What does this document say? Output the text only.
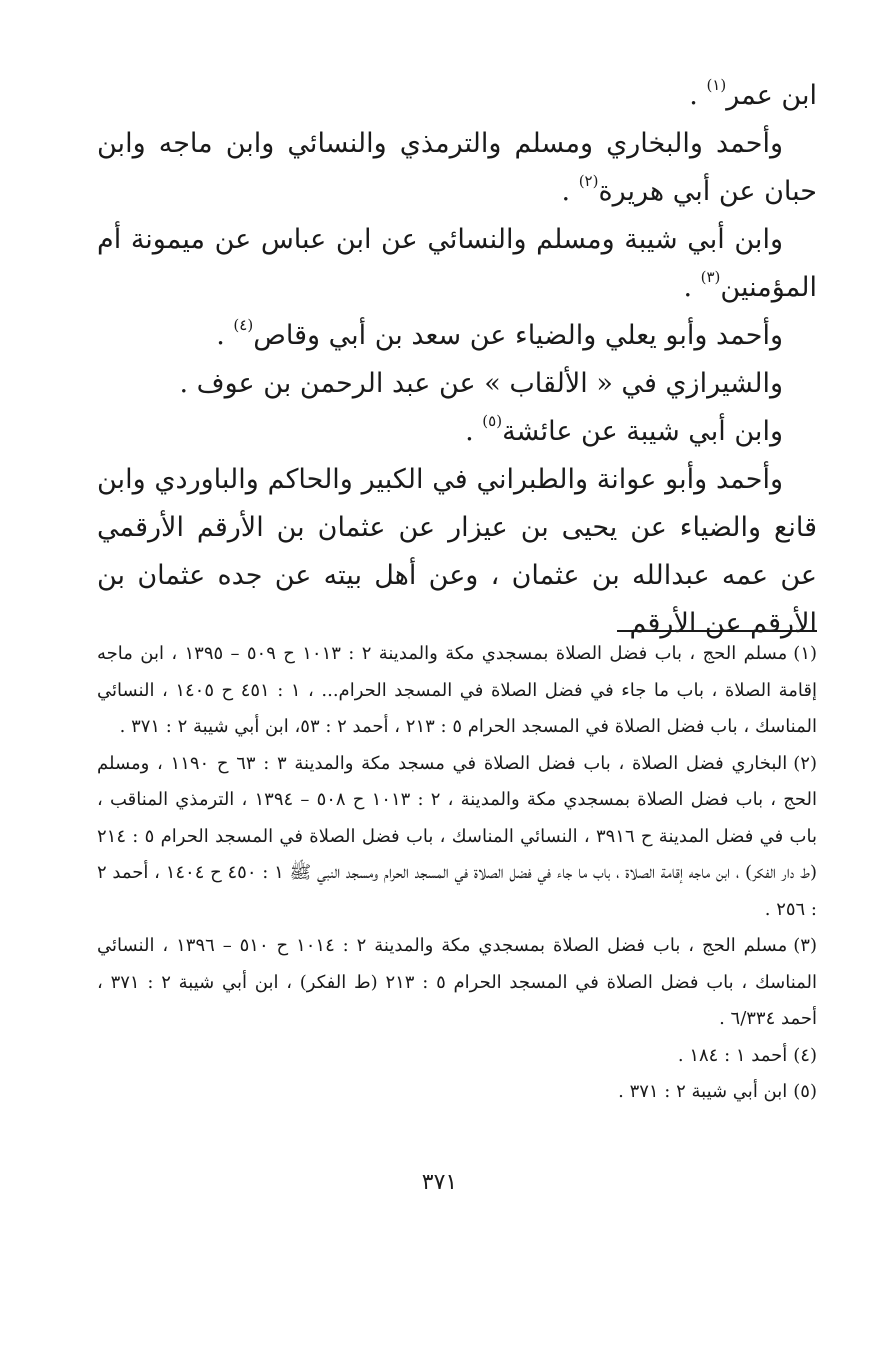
ابن عمر$^{(١)}$ .

وأحمد والبخاري ومسلم والترمذي والنسائي وابن ماجه وابن حبان عن أبي هريرة$^{(٢)}$ .

وابن أبي شيبة ومسلم والنسائي عن ابن عباس عن ميمونة أم المؤمنين$^{(٣)}$ .

وأحمد وأبو يعلي والضياء عن سعد بن أبي وقاص$^{(٤)}$ .

والشيرازي في « الألقاب » عن عبد الرحمن بن عوف .

وابن أبي شيبة عن عائشة$^{(٥)}$ .

وأحمد وأبو عوانة والطبراني في الكبير والحاكم والباوردي وابن قانع والضياء عن يحيى بن عيزار عن عثمان بن الأرقم الأرقمي عن عمه عبدالله بن عثمان ، وعن أهل بيته عن جده عثمان بن الأرقم عن الأرقم

(١)مسلم الحج ، باب فضل الصلاة بمسجدي مكة والمدينة ٢ : ١٠١٣ ح ٥٠٩ – ١٣٩٥ ، ابن ماجه إقامة الصلاة ، باب ما جاء في فضل الصلاة في المسجد الحرام... ، ١ : ٤٥١ ح ١٤٠٥ ، النسائي المناسك ، باب فضل الصلاة في المسجد الحرام ٥ : ٢١٣ ، أحمد ٢ : ٥٣، ابن أبي شيبة ٢ : ٣٧١ .

(٢)البخاري فضل الصلاة ، باب فضل الصلاة في مسجد مكة والمدينة ٣ : ٦٣ ح ١١٩٠ ، ومسلم الحج ، باب فضل الصلاة بمسجدي مكة والمدينة ، ٢ : ١٠١٣ ح ٥٠٨ – ١٣٩٤ ، الترمذي المناقب ، باب في فضل المدينة ح ٣٩١٦ ، النسائي المناسك ، باب فضل الصلاة في المسجد الحرام ٥ : ٢١٤ (ط دار الفكر) ، ابن ماجه إقامة الصلاة ، باب ما جاء في فضل الصلاة في المسجد الحرام ومسجد النبي ﷺ ١ : ٤٥٠ ح ١٤٠٤ ، أحمد ٢ : ٢٥٦ .

(٣)مسلم الحج ، باب فضل الصلاة بمسجدي مكة والمدينة ٢ : ١٠١٤ ح ٥١٠ – ١٣٩٦ ، النسائي المناسك ، باب فضل الصلاة في المسجد الحرام ٥ : ٢١٣ (ط الفكر) ، ابن أبي شيبة ٢ : ٣٧١ ، أحمد ٦/٣٣٤ .

(٤)أحمد ١ : ١٨٤ .

(٥)ابن أبي شيبة ٢ : ٣٧١ .

٣٧١
